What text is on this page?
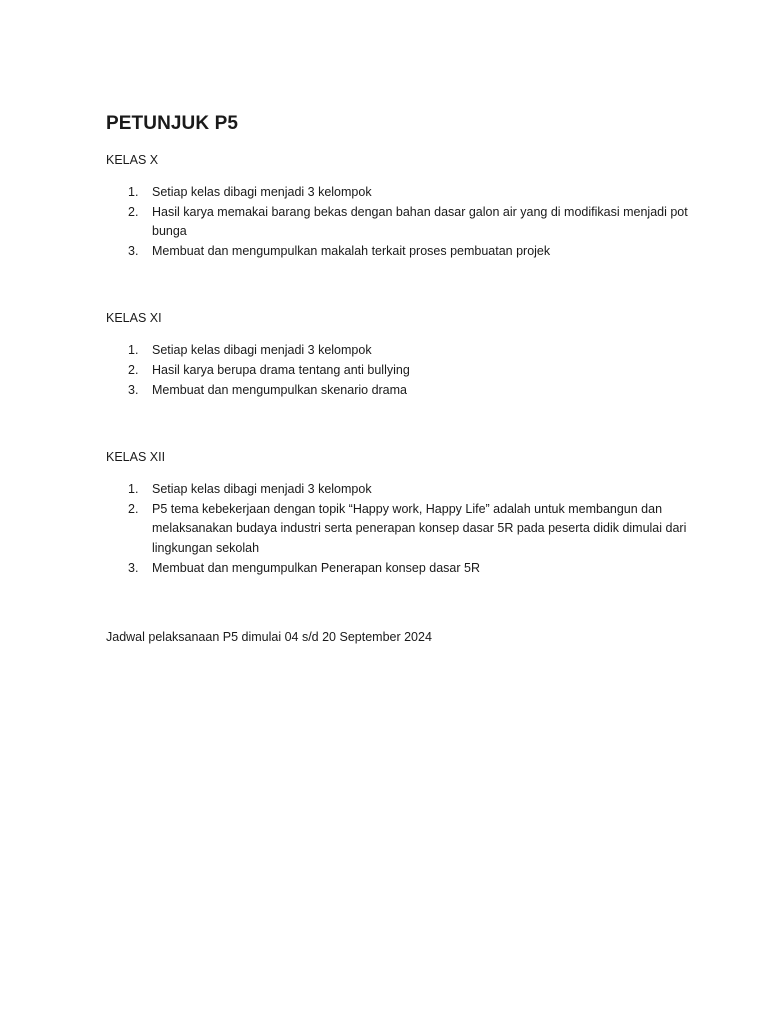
PETUNJUK P5

KELAS X

1. Setiap kelas dibagi menjadi 3 kelompok
2. Hasil karya memakai barang bekas dengan bahan dasar galon air yang di modifikasi menjadi pot bunga
3. Membuat dan mengumpulkan makalah terkait proses pembuatan projek

KELAS XI

1. Setiap kelas dibagi menjadi 3 kelompok
2. Hasil karya berupa drama tentang anti bullying
3. Membuat dan mengumpulkan skenario drama

KELAS XII

1. Setiap kelas dibagi menjadi 3 kelompok
2. P5 tema kebekerjaan dengan topik “Happy work, Happy Life” adalah untuk membangun dan melaksanakan budaya industri serta penerapan konsep dasar 5R pada peserta didik dimulai dari lingkungan sekolah
3. Membuat dan mengumpulkan Penerapan konsep dasar 5R

Jadwal pelaksanaan P5 dimulai 04 s/d 20 September 2024
